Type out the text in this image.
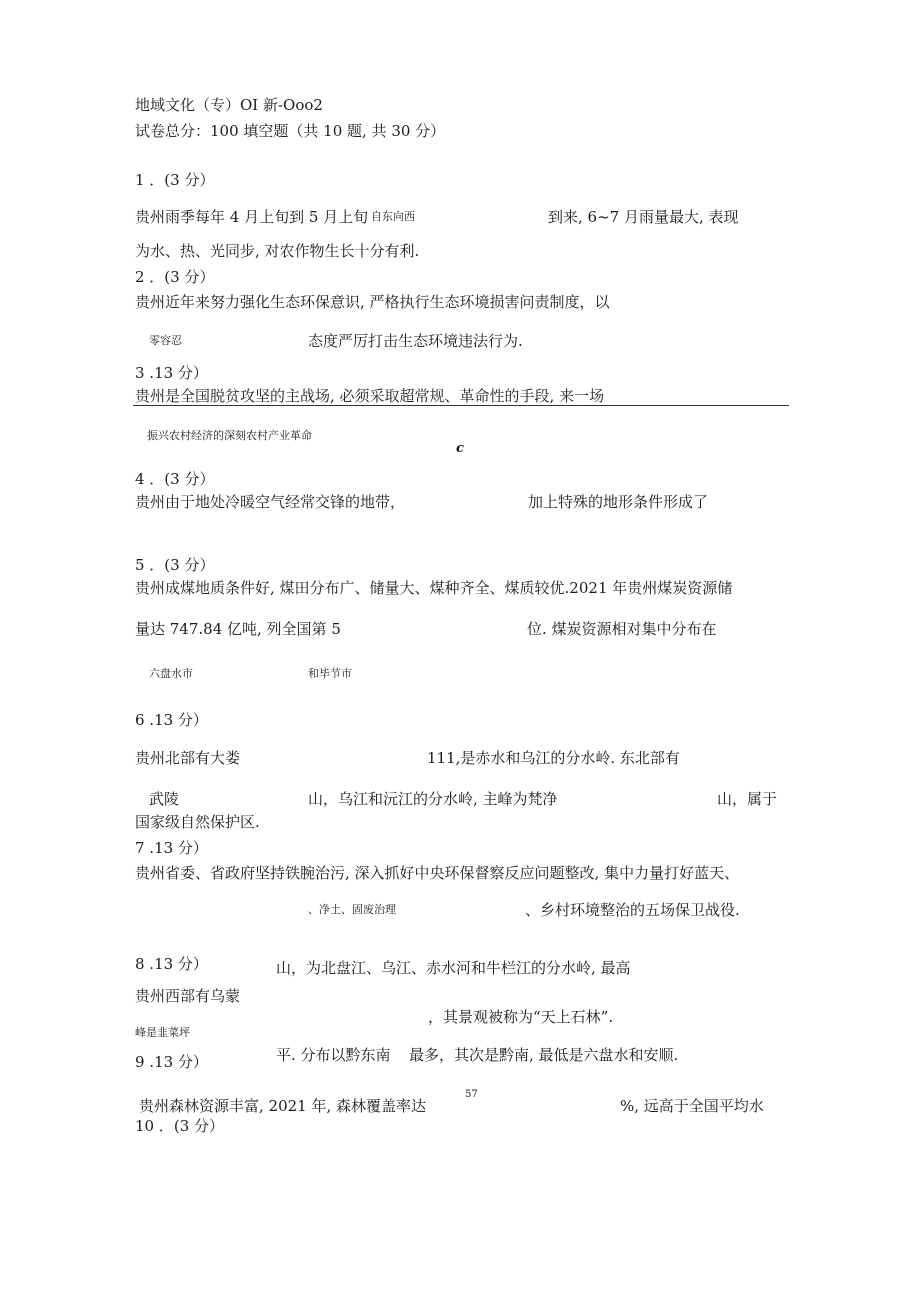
地域文化（专）OI 新-Ooo2
试卷总分：100 填空题（共 10 题, 共 30 分）
1 ．(3 分）
贵州雨季每年 4 月上旬到 5 月上旬 自东向西	到来, 6~7 月雨量最大, 表现
为水、热、光同步, 对农作物生长十分有利.
2 ．(3 分）
贵州近年来努力强化生态环保意识, 严格执行生态环境损害问责制度，以
零容忍	态度严厉打击生态环境违法行为.
3 .13 分）
贵州是全国脱贫攻坚的主战场, 必须采取超常规、革命性的手段, 来一场
振兴农村经济的深刻农村产业革命
c
4 ．(3 分）
贵州由于地处冷暖空气经常交锋的地带，	加上特殊的地形条件形成了
5 ．(3 分）
贵州成煤地质条件好, 煤田分布广、储量大、煤种齐全、煤质较优.2021 年贵州煤炭资源储
量达 747.84 亿吨, 列全国第 5	位. 煤炭资源相对集中分布在
六盘水市	和毕节市
6 .13 分）
贵州北部有大娄	111,是赤水和乌江的分水岭. 东北部有
武陵	山，乌江和沅江的分水岭, 主峰为梵净	山，属于
国家级自然保护区.
7 .13 分）
贵州省委、省政府坚持铁腕治污, 深入抓好中央环保督察反应问题整改, 集中力量打好蓝天、
、净土、固废治理	、乡村环境整治的五场保卫战役.
8 .13 分）	山，为北盘江、乌江、赤水河和牛栏江的分水岭, 最高
贵州西部有乌蒙
，其景观被称为“天上石林”.
峰是韭菜坪
9 .13 分）	平. 分布以黔东南 最多，其次是黔南, 最低是六盘水和安顺.
贵州森林资源丰富, 2021 年, 森林覆盖率达
57
%, 远高于全国平均水
10 ．(3 分）
